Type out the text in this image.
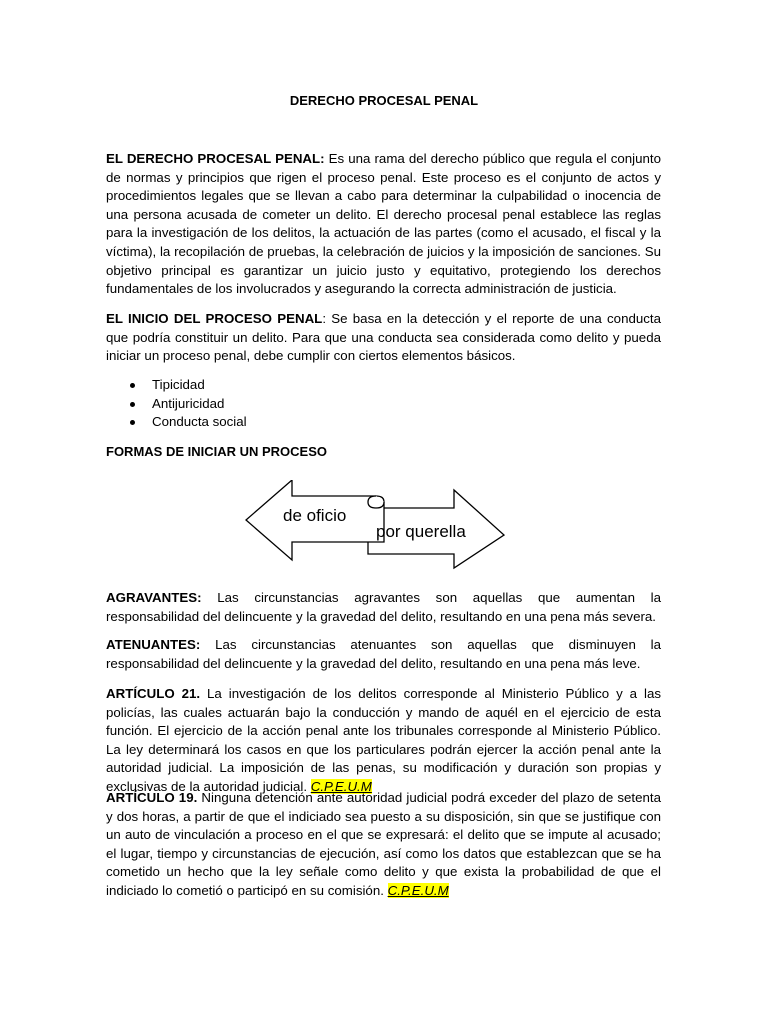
DERECHO PROCESAL PENAL

EL DERECHO PROCESAL PENAL: Es una rama del derecho público que regula el conjunto de normas y principios que rigen el proceso penal. Este proceso es el conjunto de actos y procedimientos legales que se llevan a cabo para determinar la culpabilidad o inocencia de una persona acusada de cometer un delito. El derecho procesal penal establece las reglas para la investigación de los delitos, la actuación de las partes (como el acusado, el fiscal y la víctima), la recopilación de pruebas, la celebración de juicios y la imposición de sanciones. Su objetivo principal es garantizar un juicio justo y equitativo, protegiendo los derechos fundamentales de los involucrados y asegurando la correcta administración de justicia.

EL INICIO DEL PROCESO PENAL: Se basa en la detección y el reporte de una conducta que podría constituir un delito. Para que una conducta sea considerada como delito y pueda iniciar un proceso penal, debe cumplir con ciertos elementos básicos.

Tipicidad
Antijuricidad
Conducta social
FORMAS DE INICIAR UN PROCESO
de oficio
por querella

AGRAVANTES: Las circunstancias agravantes son aquellas que aumentan la responsabilidad del delincuente y la gravedad del delito, resultando en una pena más severa.

ATENUANTES: Las circunstancias atenuantes son aquellas que disminuyen la responsabilidad del delincuente y la gravedad del delito, resultando en una pena más leve.

ARTÍCULO 21. La investigación de los delitos corresponde al Ministerio Público y a las policías, las cuales actuarán bajo la conducción y mando de aquél en el ejercicio de esta función. El ejercicio de la acción penal ante los tribunales corresponde al Ministerio Público. La ley determinará los casos en que los particulares podrán ejercer la acción penal ante la autoridad judicial. La imposición de las penas, su modificación y duración son propias y exclusivas de la autoridad judicial. C.P.E.U.M

ARTÍCULO 19. Ninguna detención ante autoridad judicial podrá exceder del plazo de setenta y dos horas, a partir de que el indiciado sea puesto a su disposición, sin que se justifique con un auto de vinculación a proceso en el que se expresará: el delito que se impute al acusado; el lugar, tiempo y circunstancias de ejecución, así como los datos que establezcan que se ha cometido un hecho que la ley señale como delito y que exista la probabilidad de que el indiciado lo cometió o participó en su comisión. C.P.E.U.M
